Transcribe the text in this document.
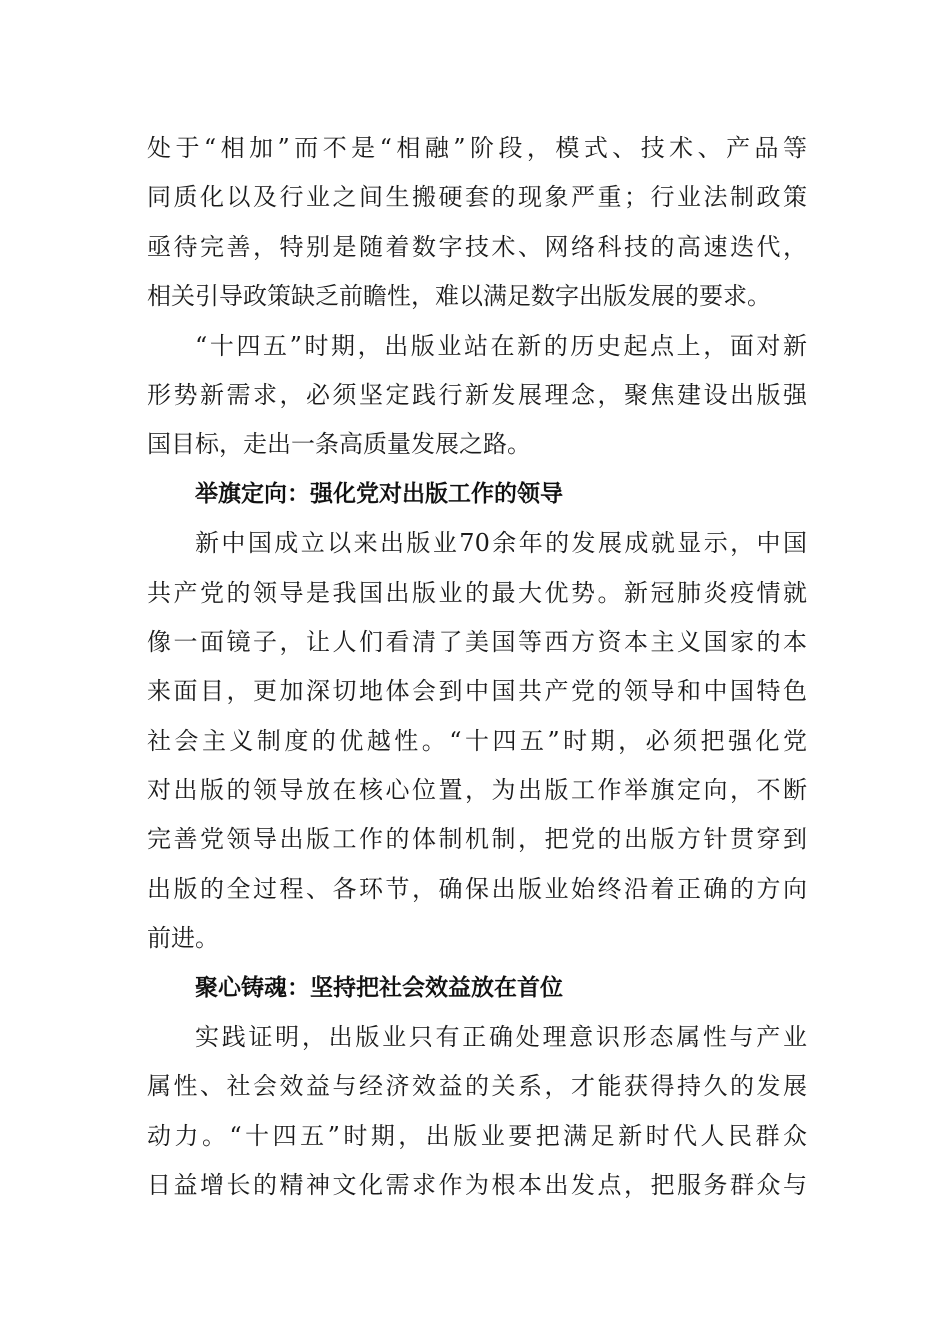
处于“相加”而不是“相融”阶段，模式、技术、产品等
同质化以及行业之间生搬硬套的现象严重；行业法制政策
亟待完善，特别是随着数字技术、网络科技的高速迭代，
相关引导政策缺乏前瞻性，难以满足数字出版发展的要求。
“十四五”时期，出版业站在新的历史起点上，面对新
形势新需求，必须坚定践行新发展理念，聚焦建设出版强
国目标，走出一条高质量发展之路。
举旗定向：强化党对出版工作的领导
新中国成立以来出版业70余年的发展成就显示，中国
共产党的领导是我国出版业的最大优势。新冠肺炎疫情就
像一面镜子，让人们看清了美国等西方资本主义国家的本
来面目，更加深切地体会到中国共产党的领导和中国特色
社会主义制度的优越性。“十四五”时期，必须把强化党
对出版的领导放在核心位置，为出版工作举旗定向，不断
完善党领导出版工作的体制机制，把党的出版方针贯穿到
出版的全过程、各环节，确保出版业始终沿着正确的方向
前进。
聚心铸魂：坚持把社会效益放在首位
实践证明，出版业只有正确处理意识形态属性与产业
属性、社会效益与经济效益的关系，才能获得持久的发展
动力。“十四五”时期，出版业要把满足新时代人民群众
日益增长的精神文化需求作为根本出发点，把服务群众与
